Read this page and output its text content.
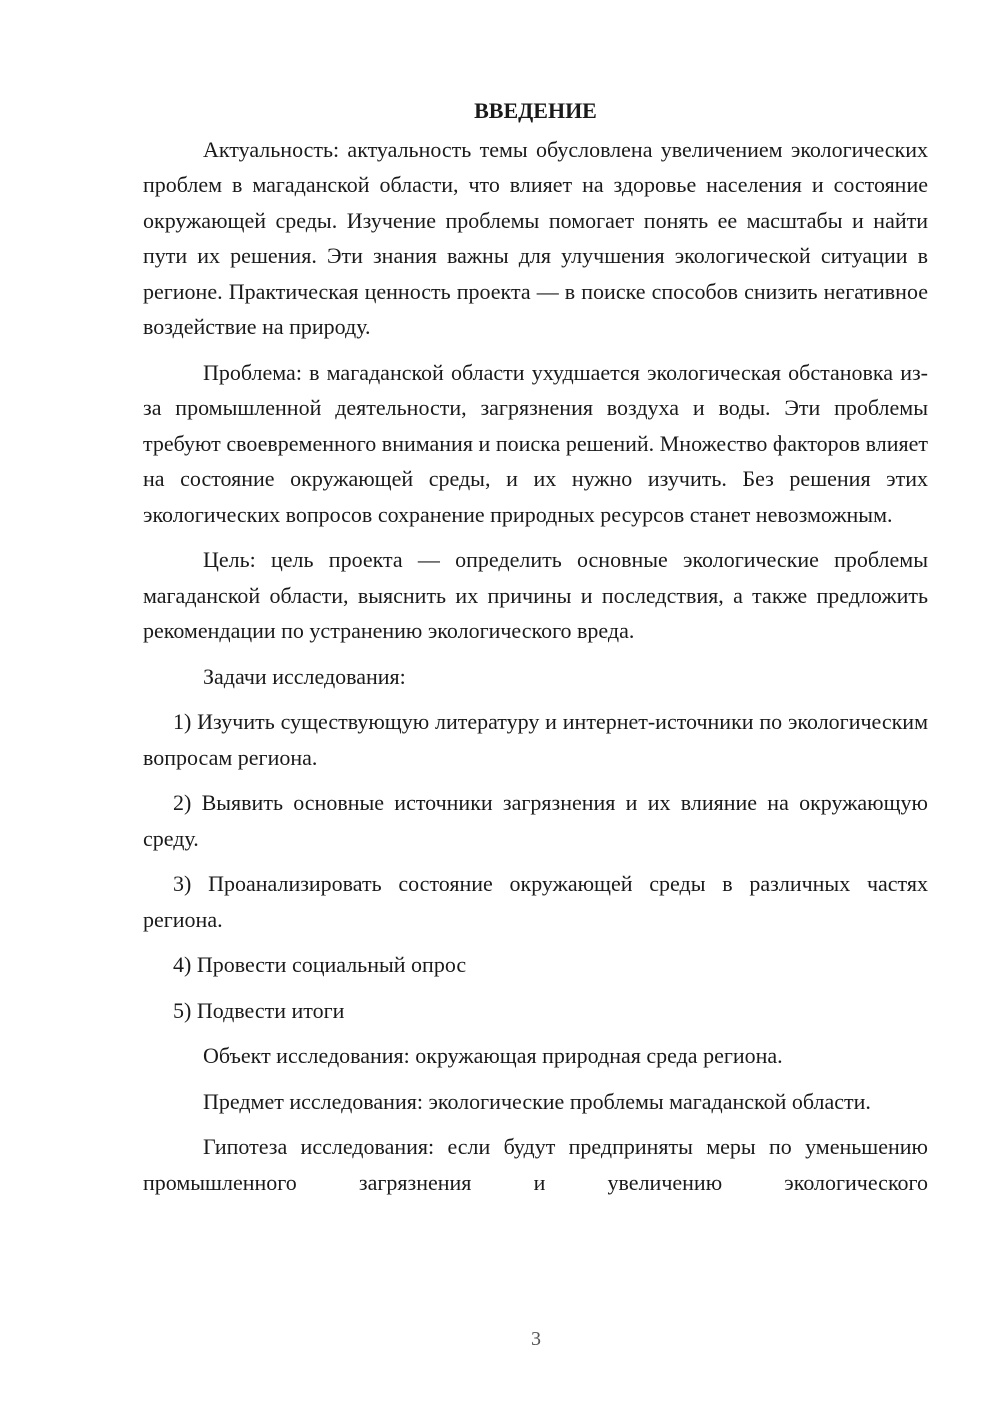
ВВЕДЕНИЕ

Актуальность: актуальность темы обусловлена увеличением экологических проблем в магаданской области, что влияет на здоровье населения и состояние окружающей среды. Изучение проблемы помогает понять ее масштабы и найти пути их решения. Эти знания важны для улучшения экологической ситуации в регионе. Практическая ценность проекта — в поиске способов снизить негативное воздействие на природу.

Проблема: в магаданской области ухудшается экологическая обстановка из-за промышленной деятельности, загрязнения воздуха и воды. Эти проблемы требуют своевременного внимания и поиска решений. Множество факторов влияет на состояние окружающей среды, и их нужно изучить. Без решения этих экологических вопросов сохранение природных ресурсов станет невозможным.

Цель: цель проекта — определить основные экологические проблемы магаданской области, выяснить их причины и последствия, а также предложить рекомендации по устранению экологического вреда.

Задачи исследования:

1) Изучить существующую литературу и интернет-источники по экологическим вопросам региона.

2) Выявить основные источники загрязнения и их влияние на окружающую среду.

3) Проанализировать состояние окружающей среды в различных частях региона.

4) Провести социальный опрос

5) Подвести итоги

Объект исследования: окружающая природная среда региона.

Предмет исследования: экологические проблемы магаданской области.

Гипотеза исследования: если будут предприняты меры по уменьшению промышленного загрязнения и увеличению экологического

3
